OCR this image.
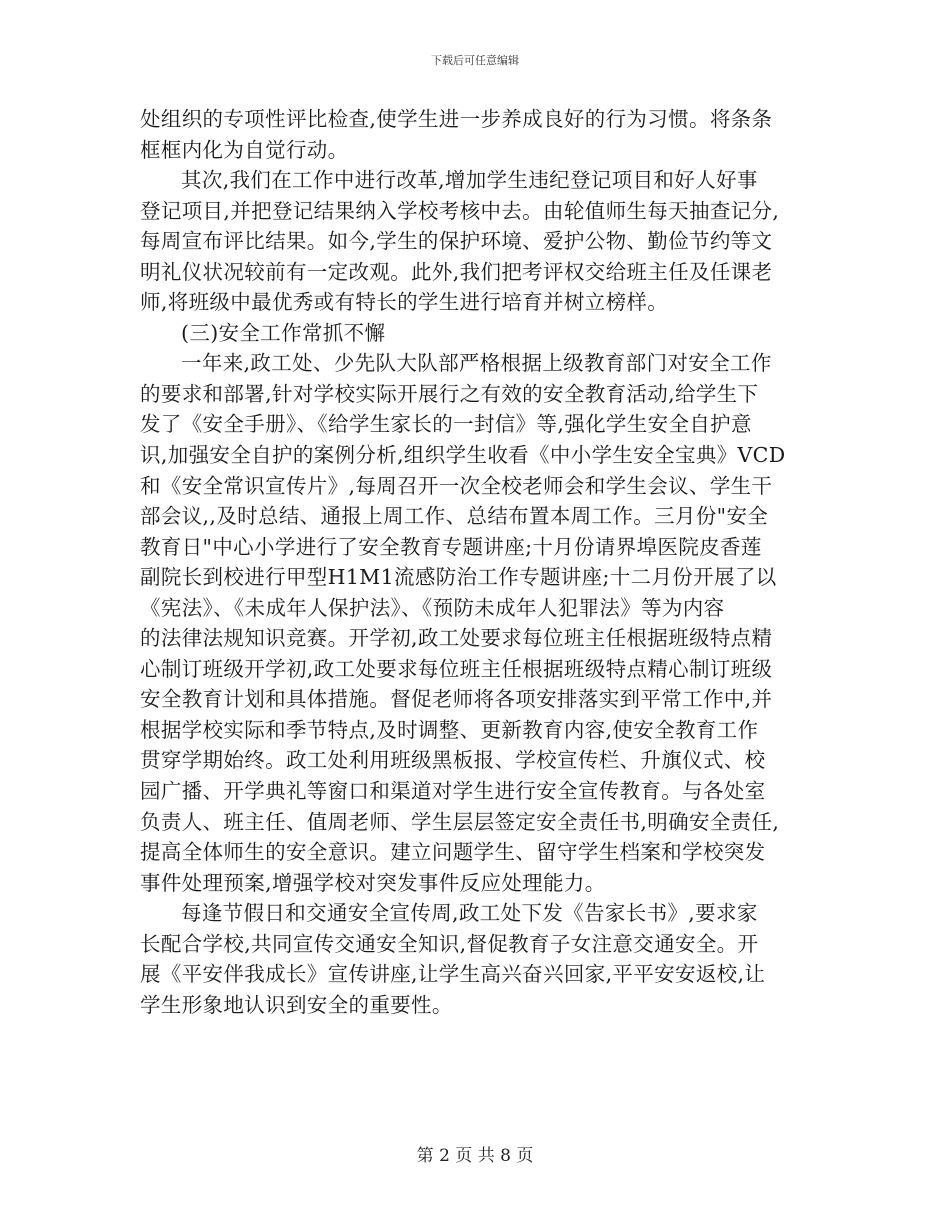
下载后可任意编辑
处组织的专项性评比检查,使学生进一步养成良好的行为习惯。将条条
框框内化为自觉行动。
其次,我们在工作中进行改革,增加学生违纪登记项目和好人好事
登记项目,并把登记结果纳入学校考核中去。由轮值师生每天抽查记分,
每周宣布评比结果。如今,学生的保护环境、爱护公物、勤俭节约等文
明礼仪状况较前有一定改观。此外,我们把考评权交给班主任及任课老
师,将班级中最优秀或有特长的学生进行培育并树立榜样。
(三)安全工作常抓不懈
一年来,政工处、少先队大队部严格根据上级教育部门对安全工作
的要求和部署,针对学校实际开展行之有效的安全教育活动,给学生下
发了《安全手册》、《给学生家长的一封信》等,强化学生安全自护意
识,加强安全自护的案例分析,组织学生收看《中小学生安全宝典》VCD
和《安全常识宣传片》,每周召开一次全校老师会和学生会议、学生干
部会议,,及时总结、通报上周工作、总结布置本周工作。三月份"安全
教育日"中心小学进行了安全教育专题讲座;十月份请界埠医院皮香莲
副院长到校进行甲型H1M1流感防治工作专题讲座;十二月份开展了以
《宪法》、《未成年人保护法》、《预防未成年人犯罪法》等为内容
的法律法规知识竞赛。开学初,政工处要求每位班主任根据班级特点精
心制订班级开学初,政工处要求每位班主任根据班级特点精心制订班级
安全教育计划和具体措施。督促老师将各项安排落实到平常工作中,并
根据学校实际和季节特点,及时调整、更新教育内容,使安全教育工作
贯穿学期始终。政工处利用班级黑板报、学校宣传栏、升旗仪式、校
园广播、开学典礼等窗口和渠道对学生进行安全宣传教育。与各处室
负责人、班主任、值周老师、学生层层签定安全责任书,明确安全责任,
提高全体师生的安全意识。建立问题学生、留守学生档案和学校突发
事件处理预案,增强学校对突发事件反应处理能力。
每逢节假日和交通安全宣传周,政工处下发《告家长书》,要求家
长配合学校,共同宣传交通安全知识,督促教育子女注意交通安全。开
展《平安伴我成长》宣传讲座,让学生高兴奋兴回家,平平安安返校,让
学生形象地认识到安全的重要性。
第 2 页 共 8 页
